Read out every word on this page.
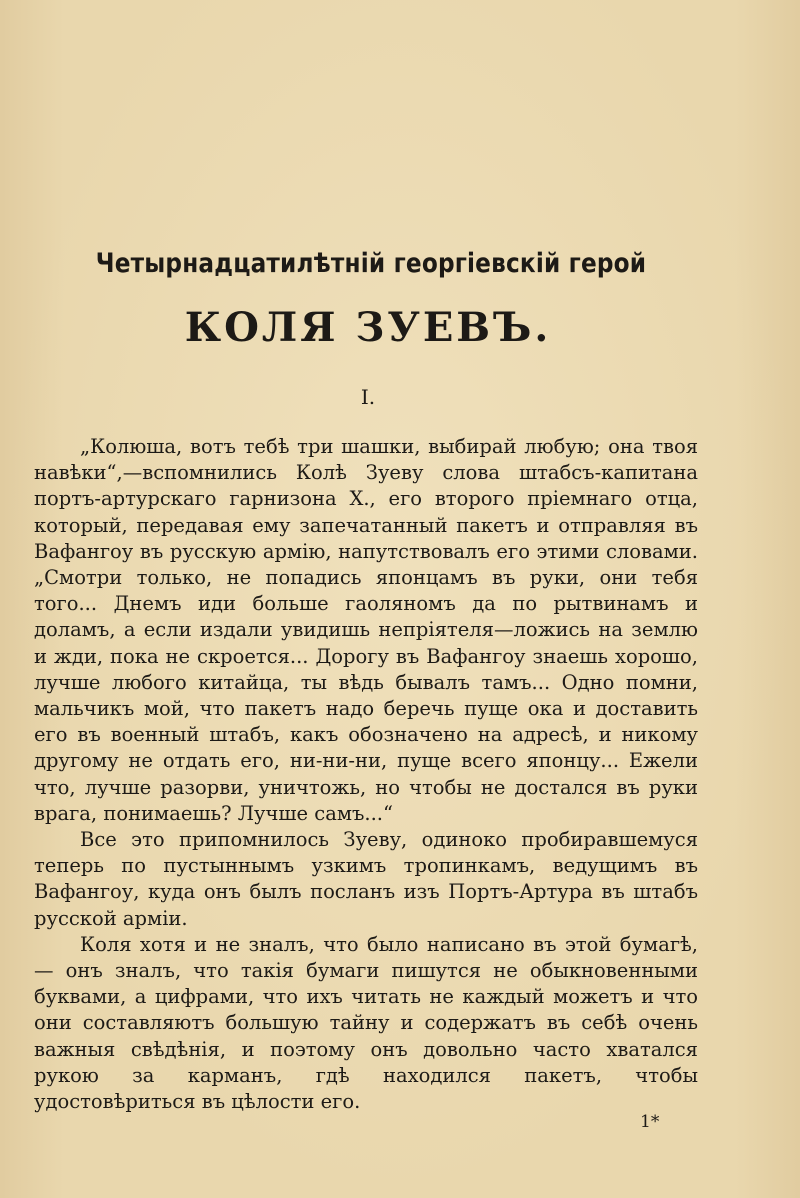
Четырнадцатилѣтній георгіевскій герой
КОЛЯ ЗУЕВЪ.
I.

„Колюша, вотъ тебѣ три шашки, выбирай любую; она твоя навѣки“,—вспомнились Колѣ Зуеву слова штабсъ-капитана портъ-артурскаго гарнизона X., его второго пріемнаго отца, который, передавая ему запечатанный пакетъ и отправляя въ Вафангоу въ русскую армію, напутствовалъ его этими словами. „Смотри только, не попадись японцамъ въ руки, они тебя того... Днемъ иди больше гаоляномъ да по рытвинамъ и доламъ, а если издали увидишь непріятеля—ложись на землю и жди, пока не скроется... Дорогу въ Вафангоу знаешь хорошо, лучше любого китайца, ты вѣдь бывалъ тамъ... Одно помни, мальчикъ мой, что пакетъ надо беречь пуще ока и доставить его въ военный штабъ, какъ обозначено на адресѣ, и никому другому не отдать его, ни-ни-ни, пуще всего японцу... Ежели что, лучше разорви, уничтожь, но чтобы не достался въ руки врага, понимаешь? Лучше самъ...“

Все это припомнилось Зуеву, одиноко пробиравшемуся теперь по пустыннымъ узкимъ тропинкамъ, ведущимъ въ Вафангоу, куда онъ былъ посланъ изъ Портъ-Артура въ штабъ русской арміи.

Коля хотя и не зналъ, что было написано въ этой бумагѣ, — онъ зналъ, что такія бумаги пишутся не обыкновенными буквами, а цифрами, что ихъ читать не каждый можетъ и что они составляютъ большую тайну и содержатъ въ себѣ очень важныя свѣдѣнія, и поэтому онъ довольно часто хватался рукою за карманъ, гдѣ находился пакетъ, чтобы удостовѣриться въ цѣлости его.

1*
